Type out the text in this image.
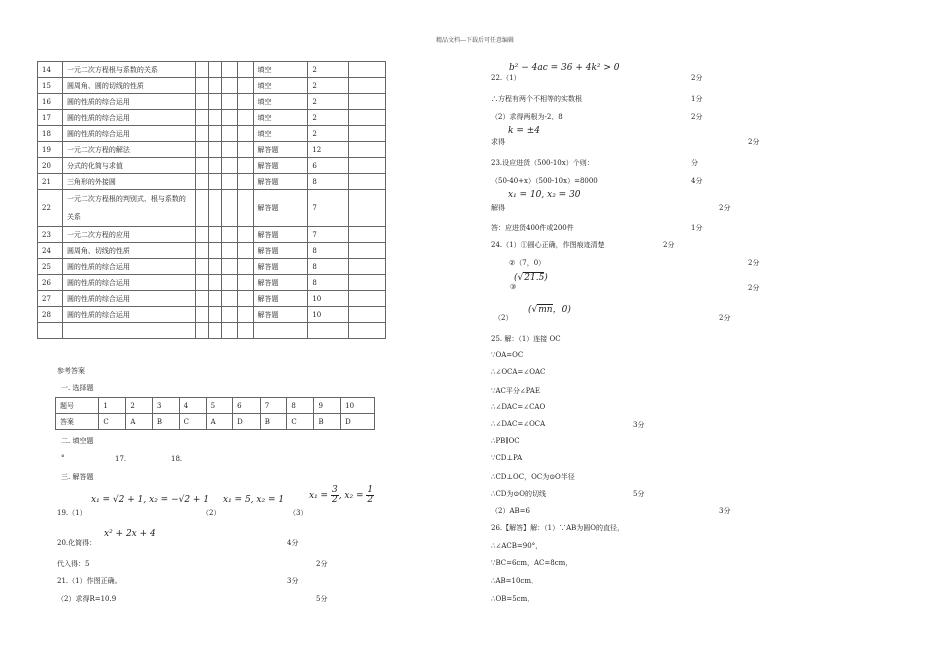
精品文档---下载后可任意编辑
14	一元二次方程根与系数的关系					填空	2	
15	圆周角、圆的切线的性质					填空	2	
16	圆的性质的综合运用					填空	2	
17	圆的性质的综合运用					填空	2	
18	圆的性质的综合运用					填空	2	
19	一元二次方程的解法					解答题	12	
20	分式的化简与求值					解答题	6	
21	三角形的外接圆					解答题	8	
22	一元二次方程根的判别式、根与系数的关系					解答题	7	
23	一元二次方程的应用					解答题	7	
24	圆周角、切线的性质					解答题	8	
25	圆的性质的综合运用					解答题	8	
26	圆的性质的综合运用					解答题	8	
27	圆的性质的综合运用					解答题	10	
28	圆的性质的综合运用					解答题	10	

参考答案
一. 选择题
题号	1	2	3	4	5	6	7	8	9	10
答案	C	A	B	C	A	D	B	C	B	D
二. 填空题
°	17.	18.
三. 解答题
19.（1）
x₁ = √2 + 1, x₂ = −√2 + 1
（2）
x₁ = 5, x₂ = 1
（3）
$x_1 = \frac{3}{2}$ , $x_2 = \frac{1}{2}$
20.化简得：
x² + 2x + 4
4分
代入得：5	2分
21.（1）作图正确。	3分
（2）求得R=10.9	5分
b² − 4ac = 36 + 4k² > 0
22.（1）	2分
∴方程有两个不相等的实数根	1分
（2）求得两根为-2、8	2分
k = ±4
求得	2分
23.设应进货（500-10x）个则：	分
（50-40+x）（500-10x）=8000	4分
x₁ = 10, x₂ = 30
解得	2分
答：应进货400件或200件	1分
24.（1）①圆心正确，作图痕迹清楚	2分
②（7，0）	2分
③
(√21.5)
2分
（2）
(√mn，0)
2分
25. 解：（1）连接 OC
∵OA=OC
∴∠OCA=∠OAC
∵AC平分∠PAE
∴∠DAC=∠CAO
∴∠DAC=∠OCA
∴PB∥OC
∵CD⊥PA
∴CD⊥OC，OC为⊙O半径
∴CD为⊙O的切线
（2）AB=6
3分
5分
3分
26.【解答】解：（1）∵AB为圆O的直径，
∴∠ACB=90°，
∵BC=6cm，AC=8cm，
∴AB=10cm．
∴OB=5cm．
